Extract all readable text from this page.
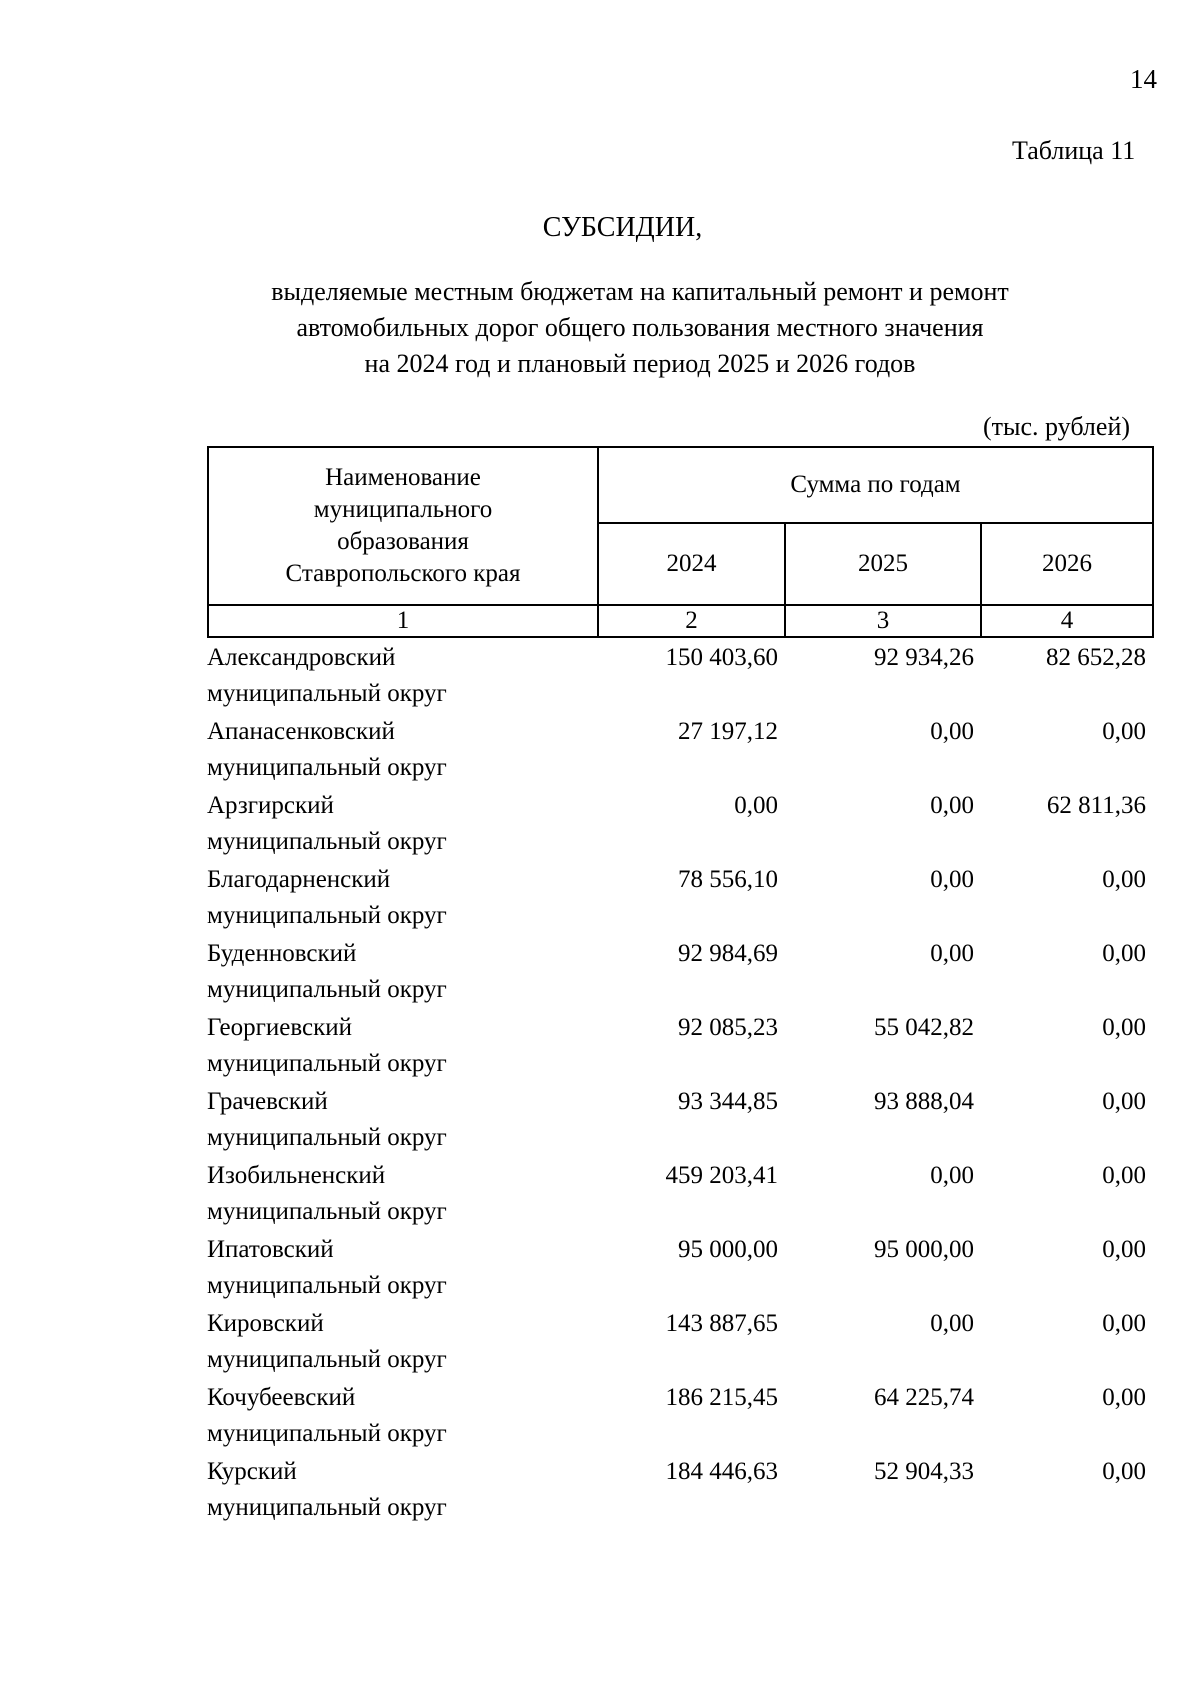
14
Таблица 11
СУБСИДИИ,
выделяемые местным бюджетам на капитальный ремонт и ремонт
автомобильных дорог общего пользования местного значения
на 2024 год и плановый период 2025 и 2026 годов
(тыс. рублей)
Наименование
муниципального
образования
Ставропольского края	Сумма по годам		
	2024	2025	2026
1	2	3	4
Александровский
муниципальный округ	150 403,60	92 934,26	82 652,28

Апанасенковский
муниципальный округ	27 197,12	0,00	0,00

Арзгирский
муниципальный округ	0,00	0,00	62 811,36

Благодарненский
муниципальный округ	78 556,10	0,00	0,00

Буденновский
муниципальный округ	92 984,69	0,00	0,00

Георгиевский
муниципальный округ	92 085,23	55 042,82	0,00

Грачевский
муниципальный округ	93 344,85	93 888,04	0,00

Изобильненский
муниципальный округ	459 203,41	0,00	0,00

Ипатовский
муниципальный округ	95 000,00	95 000,00	0,00

Кировский
муниципальный округ	143 887,65	0,00	0,00

Кочубеевский
муниципальный округ	186 215,45	64 225,74	0,00

Курский
муниципальный округ	184 446,63	52 904,33	0,00
